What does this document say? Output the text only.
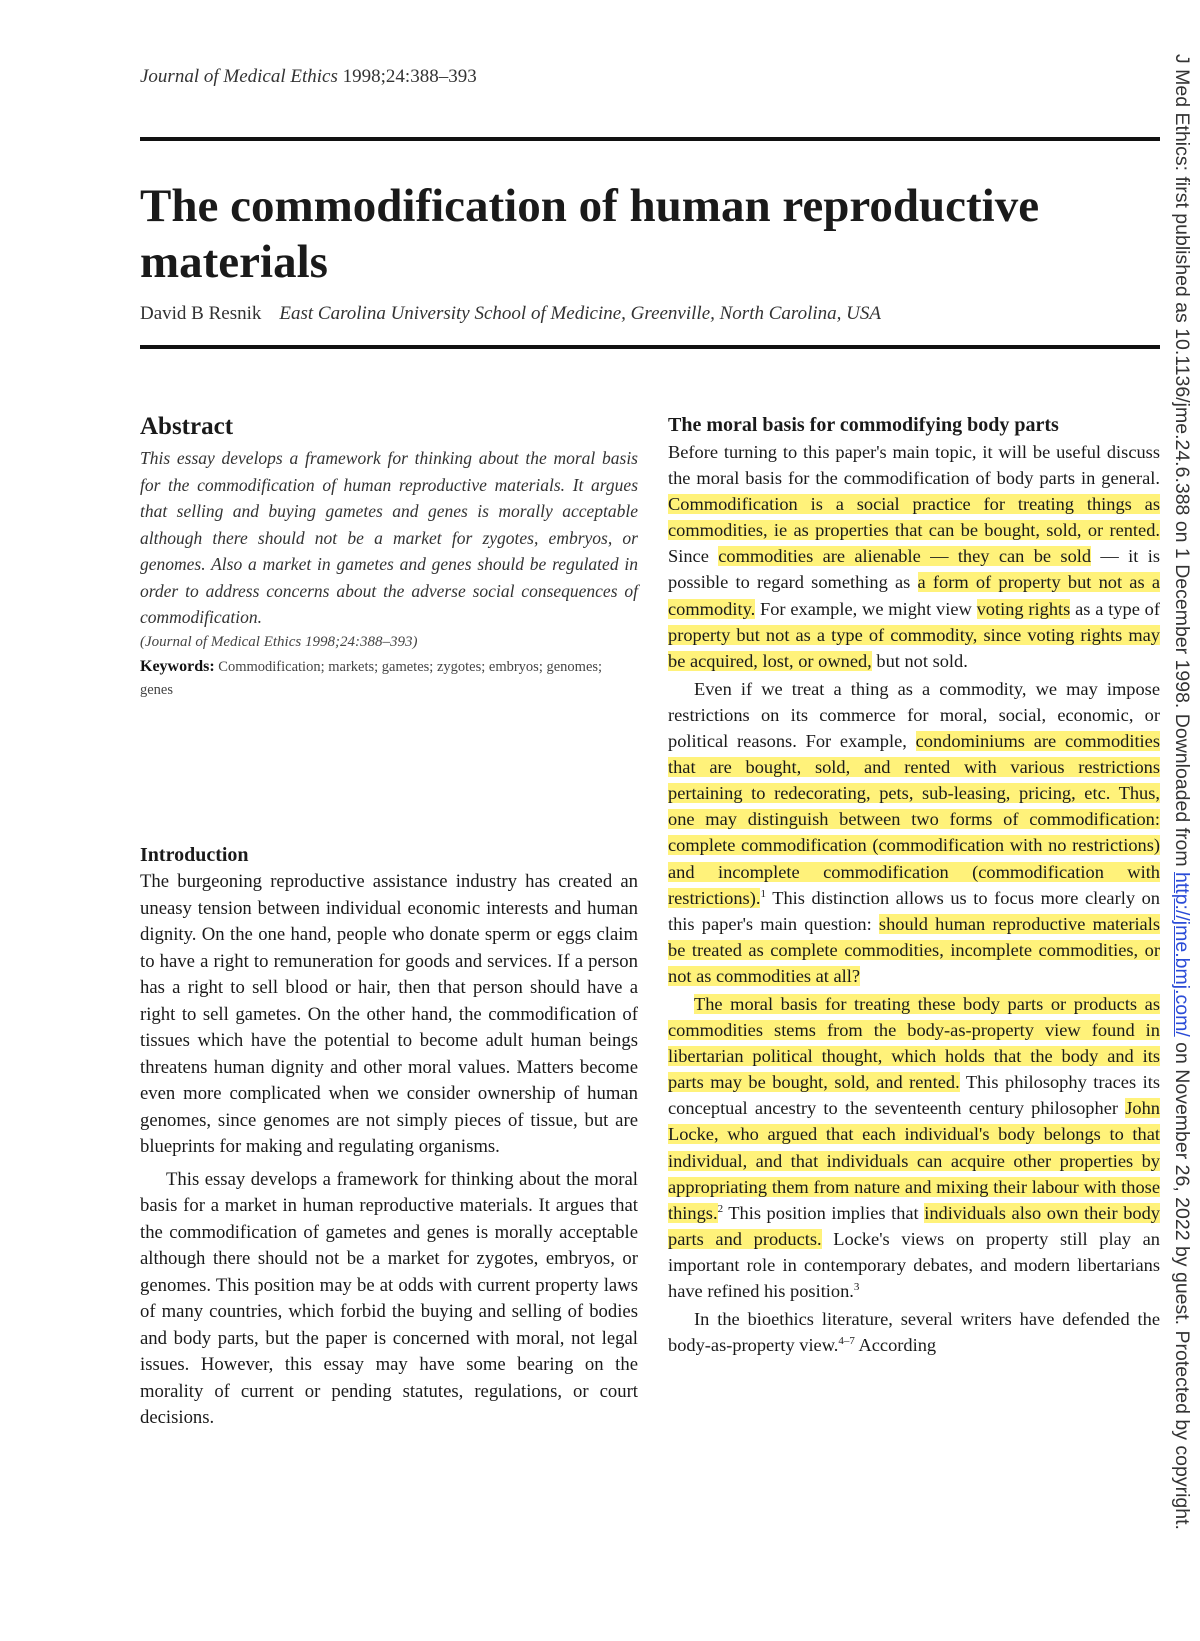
Journal of Medical Ethics 1998;24:388–393
The commodification of human reproductive materials
David B Resnik East Carolina University School of Medicine, Greenville, North Carolina, USA
Abstract

This essay develops a framework for thinking about the moral basis for the commodification of human reproductive materials. It argues that selling and buying gametes and genes is morally acceptable although there should not be a market for zygotes, embryos, or genomes. Also a market in gametes and genes should be regulated in order to address concerns about the adverse social consequences of commodification.

(Journal of Medical Ethics 1998;24:388–393)
Keywords: Commodification; markets; gametes; zygotes; embryos; genomes; genes
Introduction

The burgeoning reproductive assistance industry has created an uneasy tension between individual economic interests and human dignity. On the one hand, people who donate sperm or eggs claim to have a right to remuneration for goods and services. If a person has a right to sell blood or hair, then that person should have a right to sell gametes. On the other hand, the commodification of tissues which have the potential to become adult human beings threatens human dignity and other moral values. Matters become even more complicated when we consider ownership of human genomes, since genomes are not simply pieces of tissue, but are blueprints for making and regulating organisms.

This essay develops a framework for thinking about the moral basis for a market in human reproductive materials. It argues that the commodification of gametes and genes is morally acceptable although there should not be a market for zygotes, embryos, or genomes. This position may be at odds with current property laws of many countries, which forbid the buying and selling of bodies and body parts, but the paper is concerned with moral, not legal issues. However, this essay may have some bearing on the morality of current or pending statutes, regulations, or court decisions.

The moral basis for commodifying body parts

Before turning to this paper's main topic, it will be useful discuss the moral basis for the commodification of body parts in general. Commodification is a social practice for treating things as commodities, ie as properties that can be bought, sold, or rented. Since commodities are alienable — they can be sold — it is possible to regard something as a form of property but not as a commodity. For example, we might view voting rights as a type of property but not as a type of commodity, since voting rights may be acquired, lost, or owned, but not sold.

Even if we treat a thing as a commodity, we may impose restrictions on its commerce for moral, social, economic, or political reasons. For example, condominiums are commodities that are bought, sold, and rented with various restrictions pertaining to redecorating, pets, sub-leasing, pricing, etc. Thus, one may distinguish between two forms of commodification: complete commodification (commodification with no restrictions) and incomplete commodification (commodification with restrictions).$^1$ This distinction allows us to focus more clearly on this paper's main question: should human reproductive materials be treated as complete commodities, incomplete commodities, or not as commodities at all?

The moral basis for treating these body parts or products as commodities stems from the body-as-property view found in libertarian political thought, which holds that the body and its parts may be bought, sold, and rented. This philosophy traces its conceptual ancestry to the seventeenth century philosopher John Locke, who argued that each individual's body belongs to that individual, and that individuals can acquire other properties by appropriating them from nature and mixing their labour with those things.$^2$ This position implies that individuals also own their body parts and products. Locke's views on property still play an important role in contemporary debates, and modern libertarians have refined his position.$^3$

In the bioethics literature, several writers have defended the body-as-property view.$^{4-7}$ According

J Med Ethics: first published as 10.1136/jme.24.6.388 on 1 December 1998. Downloaded from http://jme.bmj.com/ on November 26, 2022 by guest. Protected by copyright.
